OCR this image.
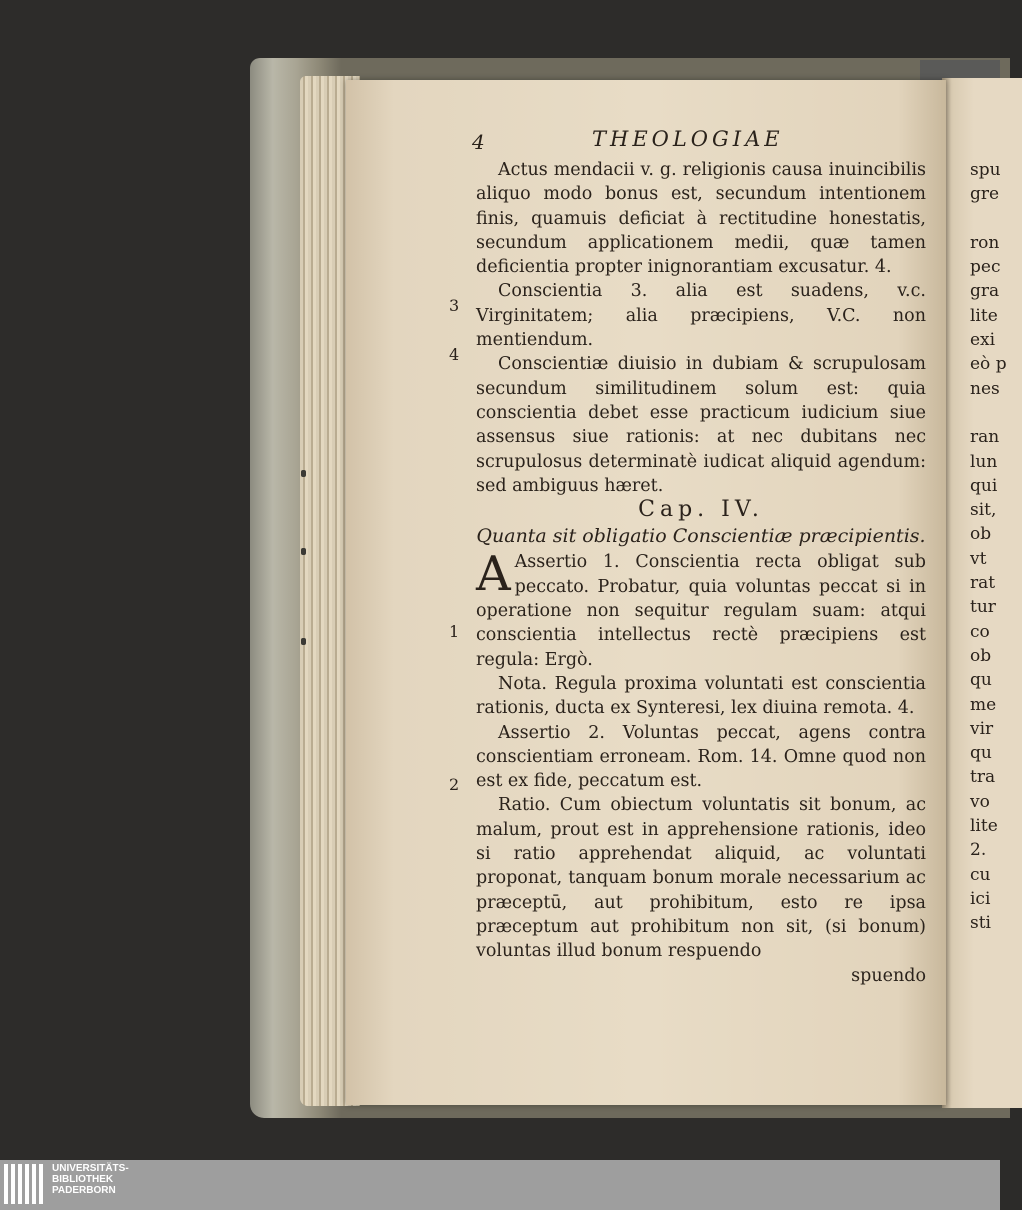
4	THEOLOGIAE
3
4
1
2

Actus mendacii v. g. religionis causa inuincibilis aliquo modo bonus est, secundum intentionem finis, quamuis deficiat à rectitudine honestatis, secundum applicationem medii, quæ tamen deficientia propter inignorantiam excusatur. 4.

Conscientia 3. alia est suadens, v.c. Virginitatem; alia præcipiens, V.C. non mentiendum.

Conscientiæ diuisio in dubiam & scrupulosam secundum similitudinem solum est: quia conscientia debet esse practicum iudicium siue assensus siue rationis: at nec dubitans nec scrupulosus determinatè iudicat aliquid agendum: sed ambiguus hæret.

Cap. IV.

Quanta sit obligatio Conscientiæ præcipientis.

A Assertio 1. Conscientia recta obligat sub peccato. Probatur, quia voluntas peccat si in operatione non sequitur regulam suam: atqui conscientia intellectus rectè præcipiens est regula: Ergò.

Nota. Regula proxima voluntati est conscientia rationis, ducta ex Synteresi, lex diuina remota. 4.

Assertio 2. Voluntas peccat, agens contra conscientiam erroneam. Rom. 14. Omne quod non est ex fide, peccatum est.

Ratio. Cum obiectum voluntatis sit bonum, ac malum, prout est in apprehensione rationis, ideo si ratio apprehendat aliquid, ac voluntati proponat, tanquam bonum morale necessarium ac præceptū, aut prohibitum, esto re ipsa præceptum aut prohibitum non sit, (si bonum) voluntas illud bonum respuendo

spuendo

spu
gre
ron
pec
gra
lite
exi
eò p
nes
ran
lun
qui
sit,
ob
vt
rat
tur
co
ob
qu
me
vir
qu
tra
vo
lite
2.
cu
ici
sti
UNIVERSITÄTS-
BIBLIOTHEK
PADERBORN
